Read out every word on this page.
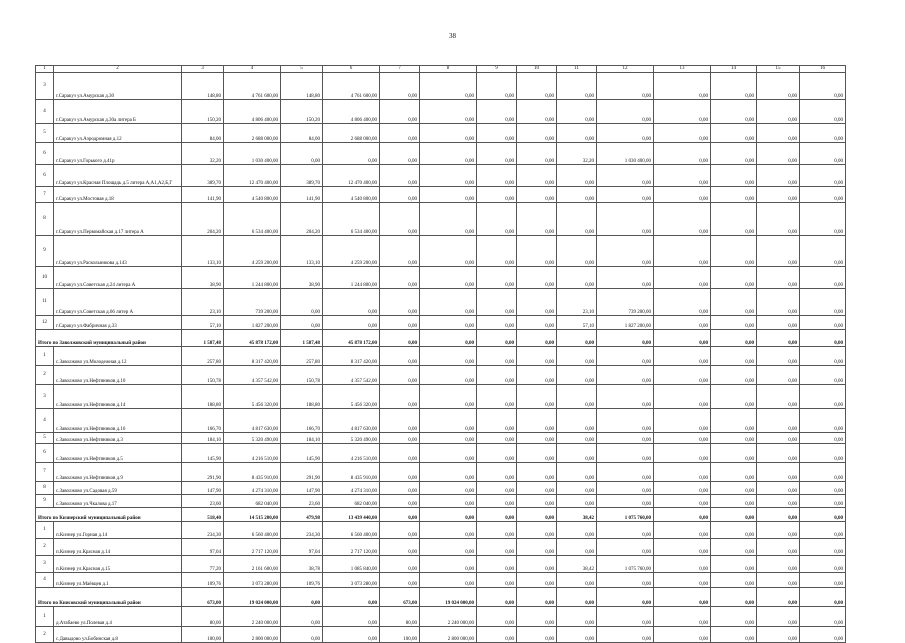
38
1	2	3	4	5	6	7	8	9	10	11	12	13	14	15	16
3	г.Саракуз ул.Амурская д.30	148,80	4 761 600,00	148,80	4 761 600,00	0,00	0,00	0,00	0,00	0,00	0,00	0,00	0,00	0,00	0,00
4	г.Саракуз ул.Амурская д.30а литера Б	150,20	4 806 400,00	150,20	4 806 400,00	0,00	0,00	0,00	0,00	0,00	0,00	0,00	0,00	0,00	0,00
5	г.Саракуз ул.Аэродромная д.12	84,00	2 688 000,00	84,00	2 688 000,00	0,00	0,00	0,00	0,00	0,00	0,00	0,00	0,00	0,00	0,00
6	г.Саракуз ул.Горького д.41р	32,20	1 030 400,00	0,00	0,00	0,00	0,00	0,00	0,00	32,20	1 030 400,00	0,00	0,00	0,00	0,00
6	г.Саракуз ул.Красная Площадь д.5 литера А,А1,А2,Б,Г	389,70	12 470 400,00	389,70	12 470 400,00	0,00	0,00	0,00	0,00	0,00	0,00	0,00	0,00	0,00	0,00
7	г.Саракуз ул.Мостовая д.18	141,90	4 540 800,00	141,90	4 540 800,00	0,00	0,00	0,00	0,00	0,00	0,00	0,00	0,00	0,00	0,00
8	г.Саракуз ул.Первомайская д.17 литера А	204,20	6 534 400,00	204,20	6 534 400,00	0,00	0,00	0,00	0,00	0,00	0,00	0,00	0,00	0,00	0,00
9	г.Саракуз ул.Раскольникова д.143	133,10	4 259 200,00	133,10	4 259 200,00	0,00	0,00	0,00	0,00	0,00	0,00	0,00	0,00	0,00	0,00
10	г.Саракуз ул.Советская д.24 литера А	38,90	1 244 800,00	38,90	1 244 800,00	0,00	0,00	0,00	0,00	0,00	0,00	0,00	0,00	0,00	0,00
11	г.Саракуз ул.Советская д.66 литер А	23,10	739 200,00	0,00	0,00	0,00	0,00	0,00	0,00	23,10	739 200,00	0,00	0,00	0,00	0,00
12	г.Саракуз ул.Фабричная д.33	57,10	1 827 200,00	0,00	0,00	0,00	0,00	0,00	0,00	57,10	1 827 200,00	0,00	0,00	0,00	0,00
Итого по Заволжовский муниципальный район		1 587,48	45 878 172,00	1 587,48	45 878 172,00	0,00	0,00	0,00	0,00	0,00	0,00	0,00	0,00	0,00	0,00
1	с.Заволжово ул.Молодежная д.12	257,80	8 317 420,00	257,80	8 317 420,00	0,00	0,00	0,00	0,00	0,00	0,00	0,00	0,00	0,00	0,00
2	с.Заволжово ул.Нефтяников д.10	150,78	4 357 542,00	150,78	4 357 542,00	0,00	0,00	0,00	0,00	0,00	0,00	0,00	0,00	0,00	0,00
3	с.Заволжово ул.Нефтяников д.14	188,80	5 456 320,00	188,80	5 456 320,00	0,00	0,00	0,00	0,00	0,00	0,00	0,00	0,00	0,00	0,00
4	с.Заволжово ул.Нефтяников д.16	166,70	4 817 630,00	166,70	4 817 630,00	0,00	0,00	0,00	0,00	0,00	0,00	0,00	0,00	0,00	0,00
5	с.Заволжово ул.Нефтяников д.3	184,10	5 320 490,00	184,10	5 320 490,00	0,00	0,00	0,00	0,00	0,00	0,00	0,00	0,00	0,00	0,00
6	с.Заволжово ул.Нефтяников д.5	145,90	4 216 510,00	145,90	4 216 510,00	0,00	0,00	0,00	0,00	0,00	0,00	0,00	0,00	0,00	0,00
7	с.Заволжово ул.Нефтяников д.9	291,90	8 435 910,00	291,90	8 435 910,00	0,00	0,00	0,00	0,00	0,00	0,00	0,00	0,00	0,00	0,00
8	с.Заволжово ул.Садовая д.59	147,90	4 274 310,00	147,90	4 274 310,00	0,00	0,00	0,00	0,00	0,00	0,00	0,00	0,00	0,00	0,00
9	с.Заволжово ул.Чкалова д.17	23,60	682 040,00	23,60	682 040,00	0,00	0,00	0,00	0,00	0,00	0,00	0,00	0,00	0,00	0,00
Итого по Кизнерский муниципальный район		518,40	14 515 200,00	479,98	13 439 440,00	0,00	0,00	0,00	0,00	38,42	1 075 760,00	0,00	0,00	0,00	0,00
1	п.Кизнер ул.Горная д.14	234,30	6 560 400,00	234,30	6 560 400,00	0,00	0,00	0,00	0,00	0,00	0,00	0,00	0,00	0,00	0,00
2	п.Кизнер ул.Красная д.14	97,04	2 717 120,00	97,04	2 717 120,00	0,00	0,00	0,00	0,00	0,00	0,00	0,00	0,00	0,00	0,00
3	п.Кизнер ул.Красная д.15	77,20	2 161 600,00	38,78	1 085 840,00	0,00	0,00	0,00	0,00	38,42	1 075 760,00	0,00	0,00	0,00	0,00
4	п.Кизнер ул.Маёвцев д.1	109,76	3 073 280,00	109,76	3 073 280,00	0,00	0,00	0,00	0,00	0,00	0,00	0,00	0,00	0,00	0,00
Итого по Киясовский муниципальный район		673,00	19 024 000,00	0,00	0,00	673,00	19 024 000,00	0,00	0,00	0,00	0,00	0,00	0,00	0,00	0,00
1	д.Атабаево ул.Полевая д.4	80,00	2 240 000,00	0,00	0,00	80,00	2 240 000,00	0,00	0,00	0,00	0,00	0,00	0,00	0,00	0,00
2	с.Давыдово ул.Бобинская д.8	100,00	2 800 000,00	0,00	0,00	100,00	2 800 000,00	0,00	0,00	0,00	0,00	0,00	0,00	0,00	0,00
